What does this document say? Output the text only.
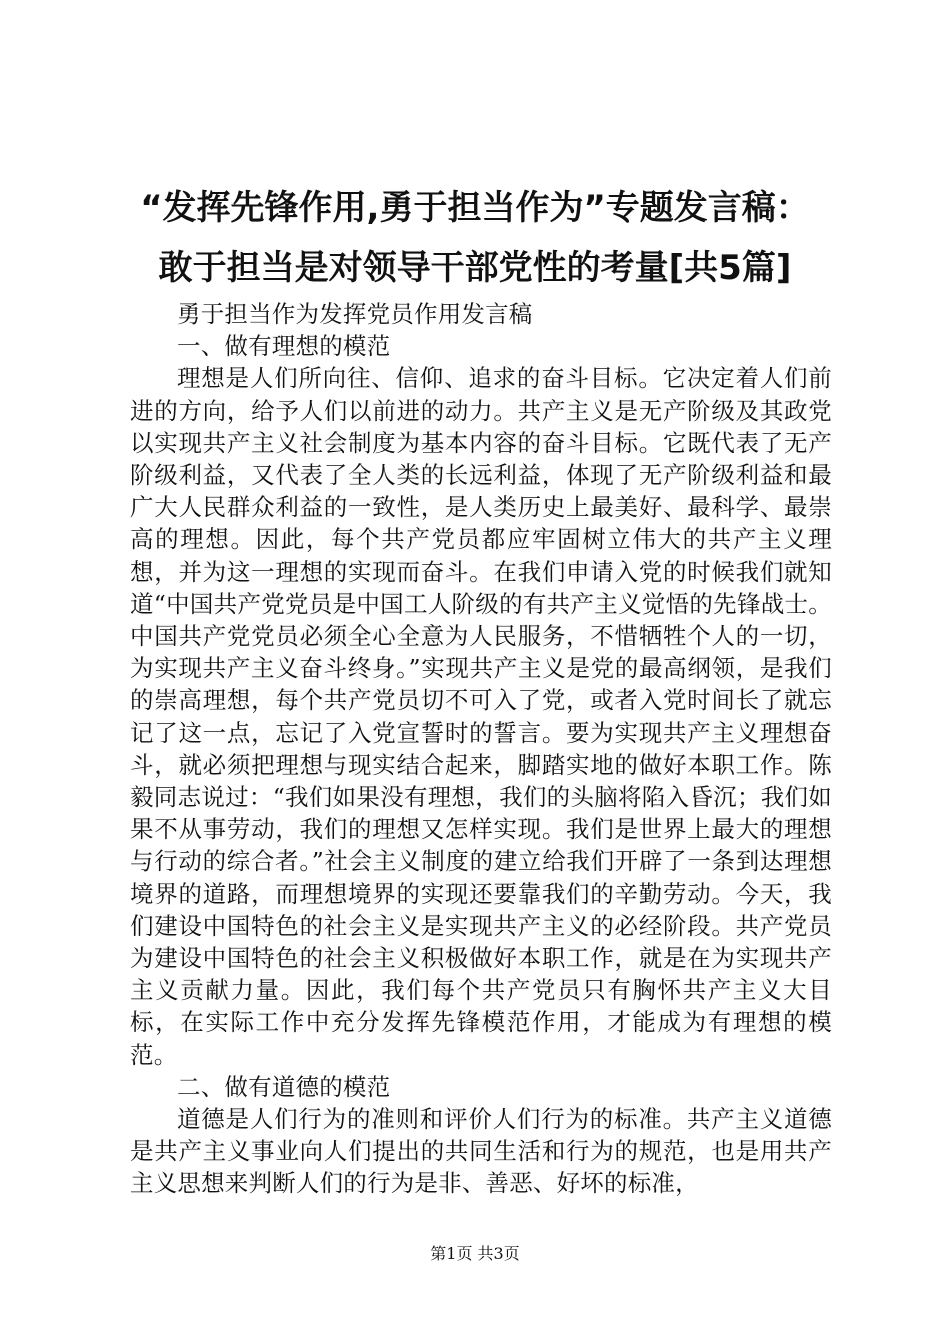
“发挥先锋作用,勇于担当作为”专题发言稿：
敢于担当是对领导干部党性的考量[共5篇]

勇于担当作为发挥党员作用发言稿

一、做有理想的模范

理想是人们所向往、信仰、追求的奋斗目标。它决定着人们前进的方向，给予人们以前进的动力。共产主义是无产阶级及其政党以实现共产主义社会制度为基本内容的奋斗目标。它既代表了无产阶级利益，又代表了全人类的长远利益，体现了无产阶级利益和最广大人民群众利益的一致性，是人类历史上最美好、最科学、最崇高的理想。因此，每个共产党员都应牢固树立伟大的共产主义理想，并为这一理想的实现而奋斗。在我们申请入党的时候我们就知道“中国共产党党员是中国工人阶级的有共产主义觉悟的先锋战士。中国共产党党员必须全心全意为人民服务，不惜牺牲个人的一切，为实现共产主义奋斗终身。”实现共产主义是党的最高纲领，是我们的崇高理想，每个共产党员切不可入了党，或者入党时间长了就忘记了这一点，忘记了入党宣誓时的誓言。要为实现共产主义理想奋斗，就必须把理想与现实结合起来，脚踏实地的做好本职工作。陈毅同志说过：“我们如果没有理想，我们的头脑将陷入昏沉；我们如果不从事劳动，我们的理想又怎样实现。我们是世界上最大的理想与行动的综合者。”社会主义制度的建立给我们开辟了一条到达理想境界的道路，而理想境界的实现还要靠我们的辛勤劳动。今天，我们建设中国特色的社会主义是实现共产主义的必经阶段。共产党员为建设中国特色的社会主义积极做好本职工作，就是在为实现共产主义贡献力量。因此，我们每个共产党员只有胸怀共产主义大目标，在实际工作中充分发挥先锋模范作用，才能成为有理想的模范。

二、做有道德的模范

道德是人们行为的准则和评价人们行为的标准。共产主义道德是共产主义事业向人们提出的共同生活和行为的规范，也是用共产主义思想来判断人们的行为是非、善恶、好坏的标准，

第1页 共3页
